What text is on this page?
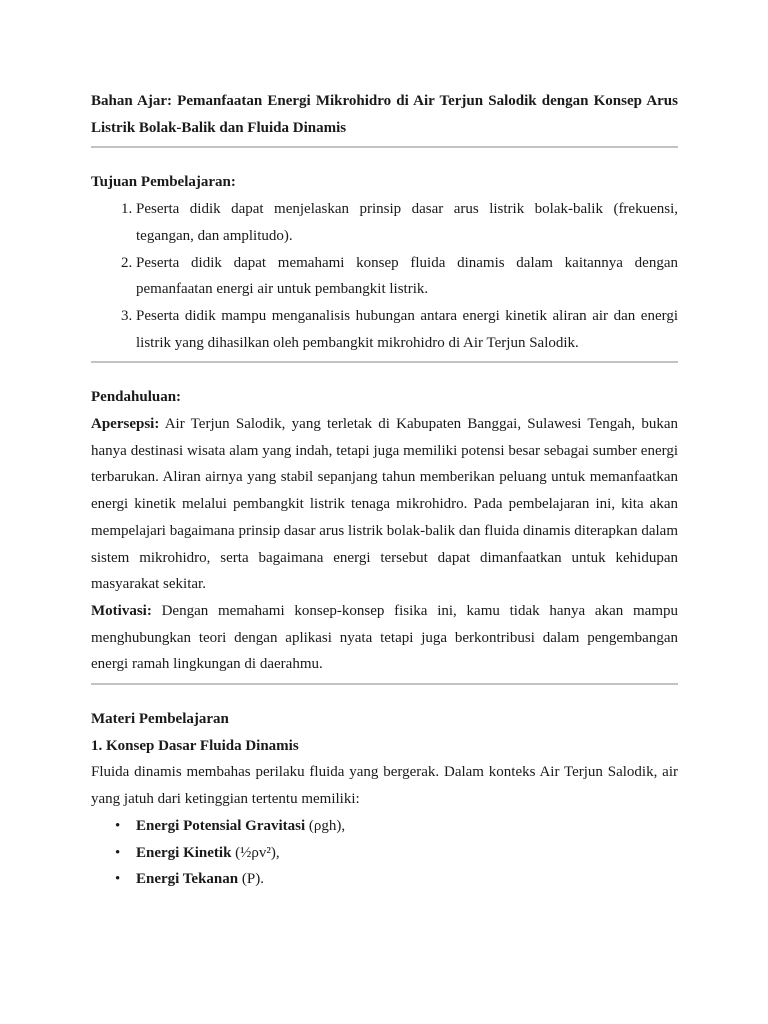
Bahan Ajar: Pemanfaatan Energi Mikrohidro di Air Terjun Salodik dengan Konsep Arus Listrik Bolak-Balik dan Fluida Dinamis

Tujuan Pembelajaran:

1. Peserta didik dapat menjelaskan prinsip dasar arus listrik bolak-balik (frekuensi, tegangan, dan amplitudo).
2. Peserta didik dapat memahami konsep fluida dinamis dalam kaitannya dengan pemanfaatan energi air untuk pembangkit listrik.
3. Peserta didik mampu menganalisis hubungan antara energi kinetik aliran air dan energi listrik yang dihasilkan oleh pembangkit mikrohidro di Air Terjun Salodik.

Pendahuluan:

Apersepsi: Air Terjun Salodik, yang terletak di Kabupaten Banggai, Sulawesi Tengah, bukan hanya destinasi wisata alam yang indah, tetapi juga memiliki potensi besar sebagai sumber energi terbarukan. Aliran airnya yang stabil sepanjang tahun memberikan peluang untuk memanfaatkan energi kinetik melalui pembangkit listrik tenaga mikrohidro. Pada pembelajaran ini, kita akan mempelajari bagaimana prinsip dasar arus listrik bolak-balik dan fluida dinamis diterapkan dalam sistem mikrohidro, serta bagaimana energi tersebut dapat dimanfaatkan untuk kehidupan masyarakat sekitar.

Motivasi: Dengan memahami konsep-konsep fisika ini, kamu tidak hanya akan mampu menghubungkan teori dengan aplikasi nyata tetapi juga berkontribusi dalam pengembangan energi ramah lingkungan di daerahmu.

Materi Pembelajaran

1. Konsep Dasar Fluida Dinamis

Fluida dinamis membahas perilaku fluida yang bergerak. Dalam konteks Air Terjun Salodik, air yang jatuh dari ketinggian tertentu memiliki:

• Energi Potensial Gravitasi (ρgh),
• Energi Kinetik (½ρv²),
• Energi Tekanan (P).
